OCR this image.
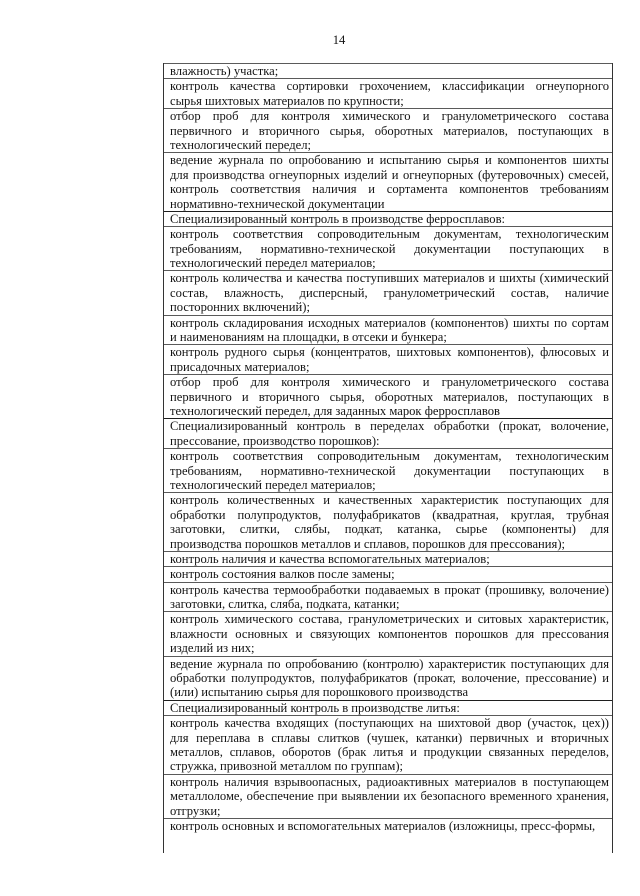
14
влажность) участка;
контроль качества сортировки грохочением, классификации огнеупорного
сырья шихтовых материалов по крупности;
отбор проб для контроля химического и гранулометрического состава
первичного и вторичного сырья, оборотных материалов, поступающих в
технологический передел;
ведение журнала по опробованию и испытанию сырья и компонентов шихты
для производства огнеупорных изделий и огнеупорных (футеровочных) смесей,
контроль соответствия наличия и сортамента компонентов требованиям
нормативно-технической документации
Специализированный контроль в производстве ферросплавов:
контроль соответствия сопроводительным документам, технологическим
требованиям, нормативно-технической документации поступающих в
технологический передел материалов;
контроль количества и качества поступивших материалов и шихты (химический
состав, влажность, дисперсный, гранулометрический состав, наличие
посторонних включений);
контроль складирования исходных материалов (компонентов) шихты по сортам
и наименованиям на площадки, в отсеки и бункера;
контроль рудного сырья (концентратов, шихтовых компонентов), флюсовых и
присадочных материалов;
отбор проб для контроля химического и гранулометрического состава
первичного и вторичного сырья, оборотных материалов, поступающих в
технологический передел, для заданных марок ферросплавов
Специализированный контроль в переделах обработки (прокат, волочение,
прессование, производство порошков):
контроль соответствия сопроводительным документам, технологическим
требованиям, нормативно-технической документации поступающих в
технологический передел материалов;
контроль количественных и качественных характеристик поступающих для
обработки полупродуктов, полуфабрикатов (квадратная, круглая, трубная
заготовки, слитки, слябы, подкат, катанка, сырье (компоненты) для
производства порошков металлов и сплавов, порошков для прессования);
контроль наличия и качества вспомогательных материалов;
контроль состояния валков после замены;
контроль качества термообработки подаваемых в прокат (прошивку, волочение)
заготовки, слитка, сляба, подката, катанки;
контроль химического состава, гранулометрических и ситовых характеристик,
влажности основных и связующих компонентов порошков для прессования
изделий из них;
ведение журнала по опробованию (контролю) характеристик поступающих для
обработки полупродуктов, полуфабрикатов (прокат, волочение, прессование) и
(или) испытанию сырья для порошкового производства
Специализированный контроль в производстве литья:
контроль качества входящих (поступающих на шихтовой двор (участок, цех))
для переплава в сплавы слитков (чушек, катанки) первичных и вторичных
металлов, сплавов, оборотов (брак литья и продукции связанных переделов,
стружка, привозной металлом по группам);
контроль наличия взрывоопасных, радиоактивных материалов в поступающем
металлоломе, обеспечение при выявлении их безопасного временного хранения,
отгрузки;
контроль основных и вспомогательных материалов (изложницы, пресс-формы,
